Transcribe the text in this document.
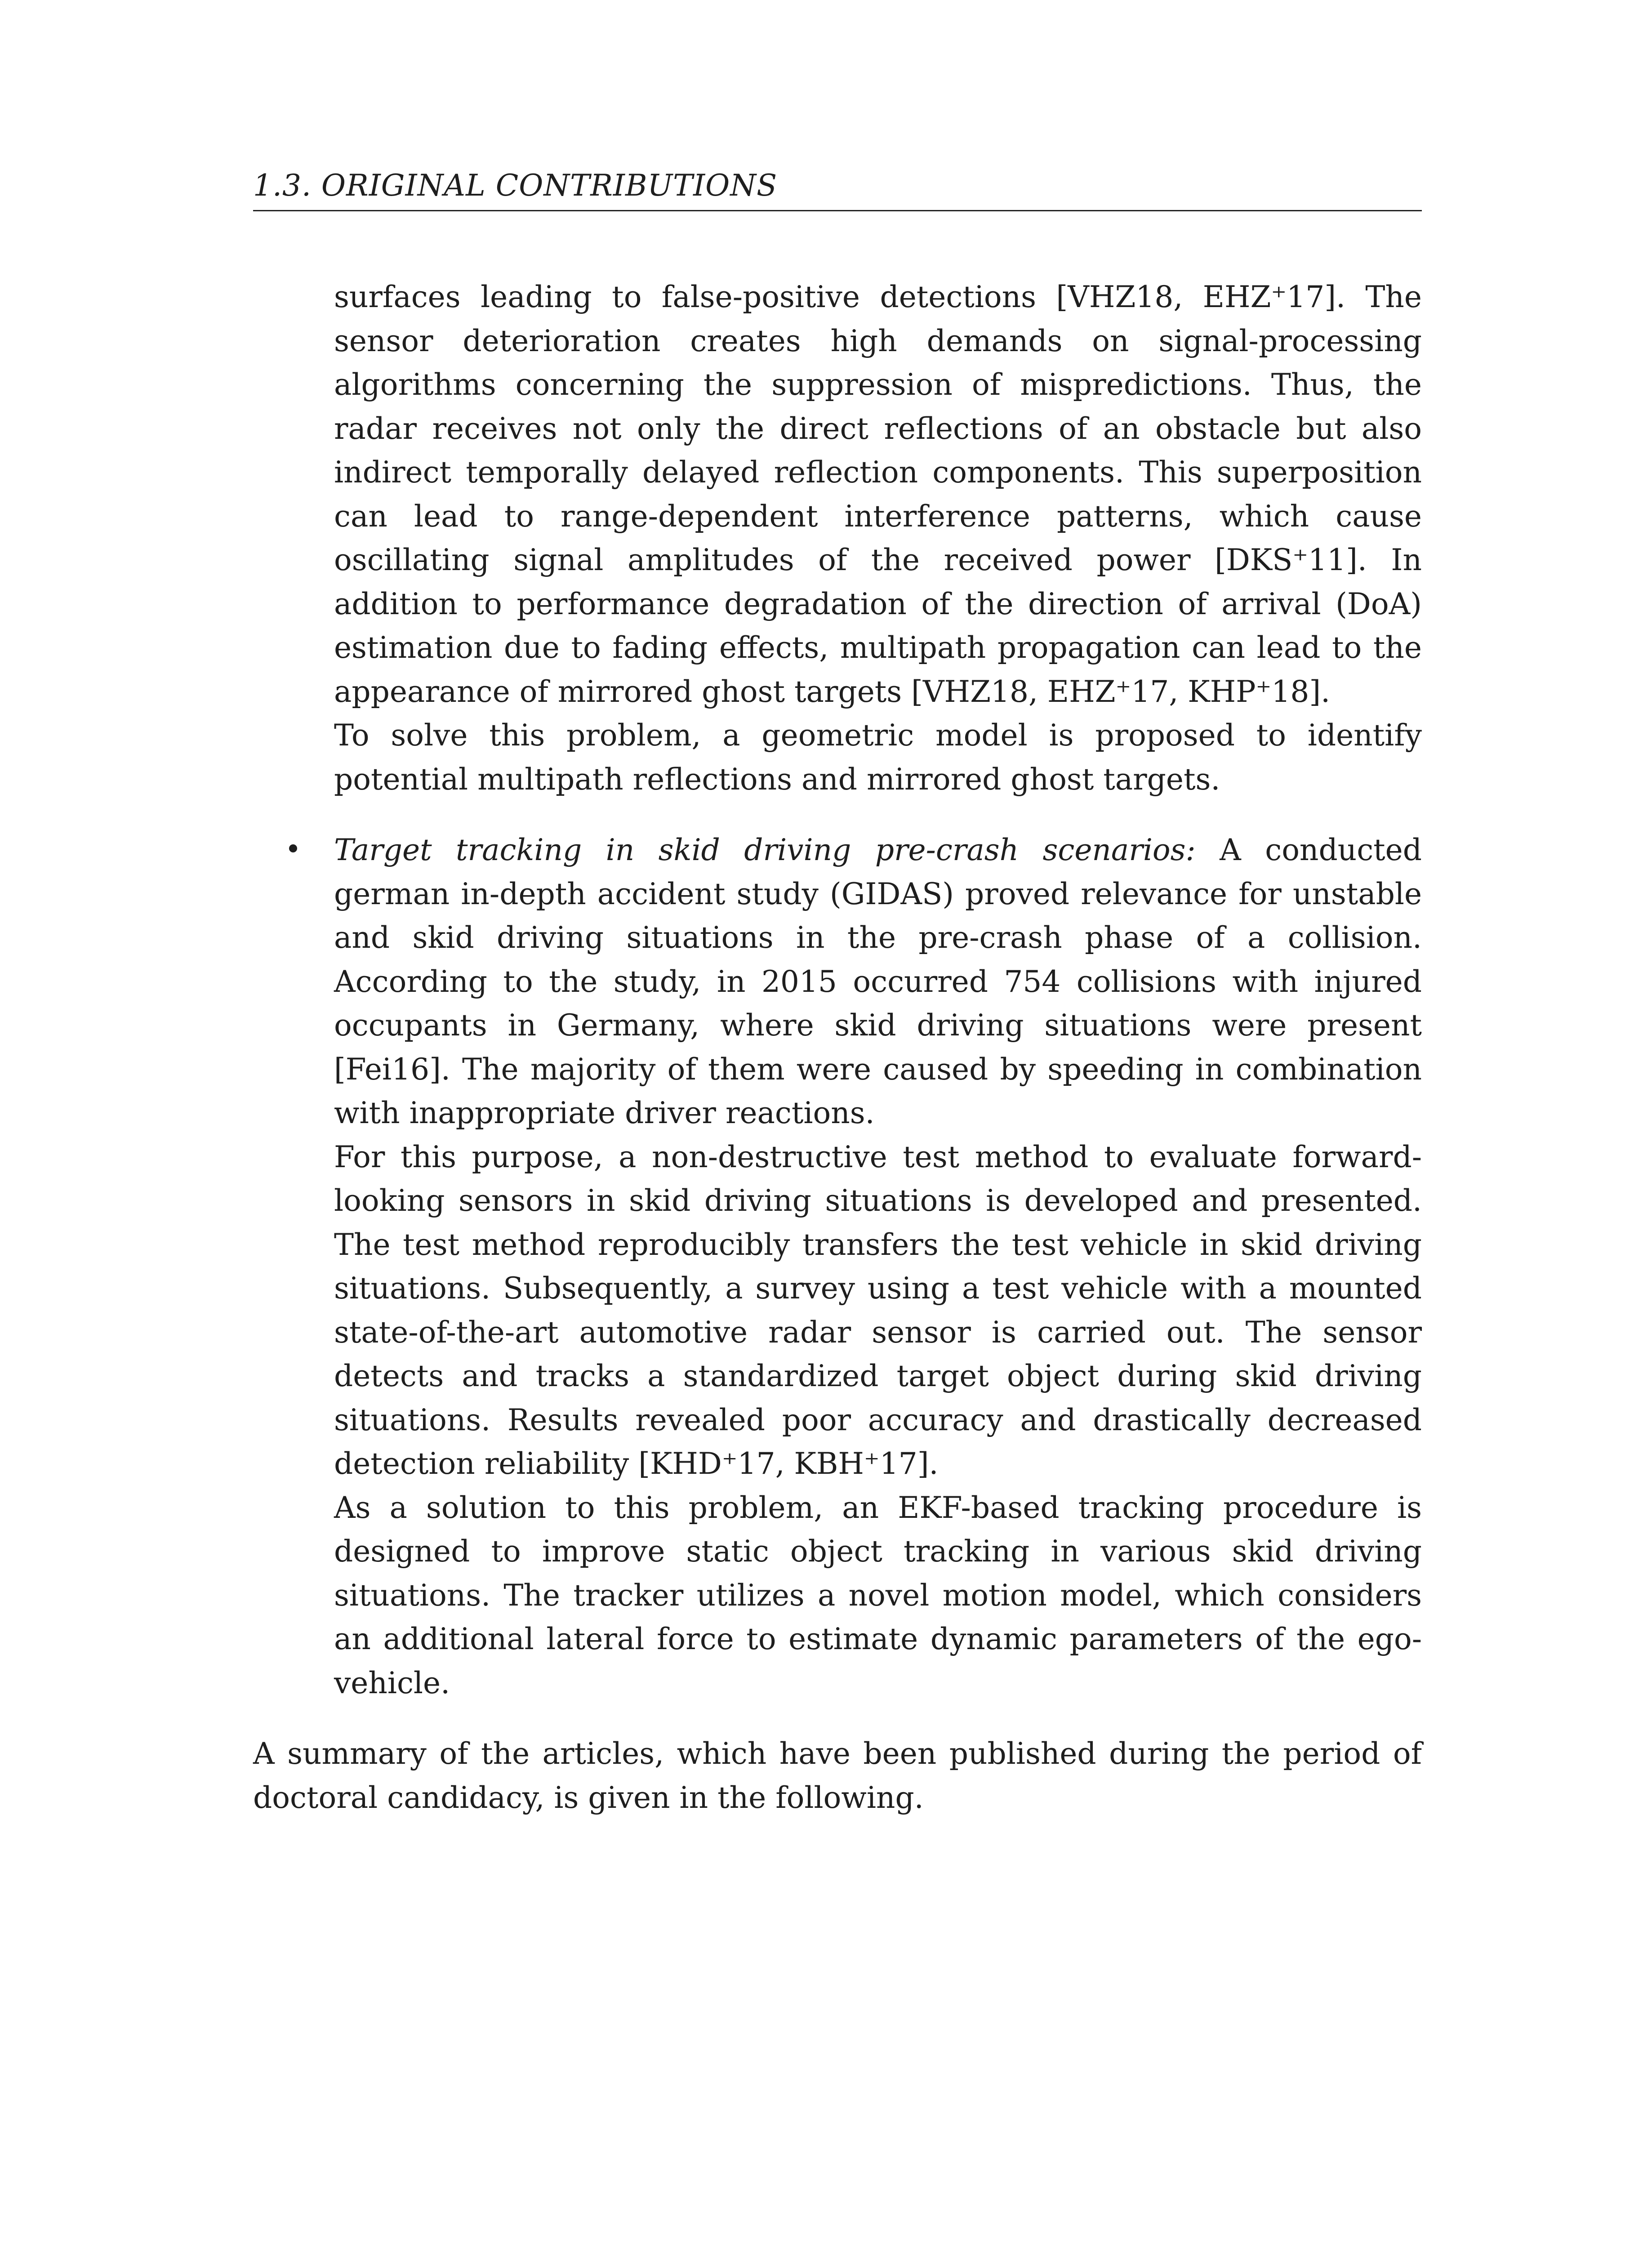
1.3. ORIGINAL CONTRIBUTIONS

surfaces leading to false-positive detections [VHZ18, EHZ⁺17]. The sensor deterioration creates high demands on signal-processing algorithms concerning the suppression of mispredictions. Thus, the radar receives not only the direct reflections of an obstacle but also indirect temporally delayed reflection components. This superposition can lead to range-dependent interference patterns, which cause oscillating signal amplitudes of the received power [DKS⁺11]. In addition to performance degradation of the direction of arrival (DoA) estimation due to fading effects, multipath propagation can lead to the appearance of mirrored ghost targets [VHZ18, EHZ⁺17, KHP⁺18].

To solve this problem, a geometric model is proposed to identify potential multipath reflections and mirrored ghost targets.

Target tracking in skid driving pre-crash scenarios: A conducted german in-depth accident study (GIDAS) proved relevance for unstable and skid driving situations in the pre-crash phase of a collision. According to the study, in 2015 occurred 754 collisions with injured occupants in Germany, where skid driving situations were present [Fei16]. The majority of them were caused by speeding in combination with inappropriate driver reactions.

For this purpose, a non-destructive test method to evaluate forward-looking sensors in skid driving situations is developed and presented. The test method reproducibly transfers the test vehicle in skid driving situations. Subsequently, a survey using a test vehicle with a mounted state-of-the-art automotive radar sensor is carried out. The sensor detects and tracks a standardized target object during skid driving situations. Results revealed poor accuracy and drastically decreased detection reliability [KHD⁺17, KBH⁺17].

As a solution to this problem, an EKF-based tracking procedure is designed to improve static object tracking in various skid driving situations. The tracker utilizes a novel motion model, which considers an additional lateral force to estimate dynamic parameters of the ego-vehicle.

A summary of the articles, which have been published during the period of doctoral candidacy, is given in the following.
